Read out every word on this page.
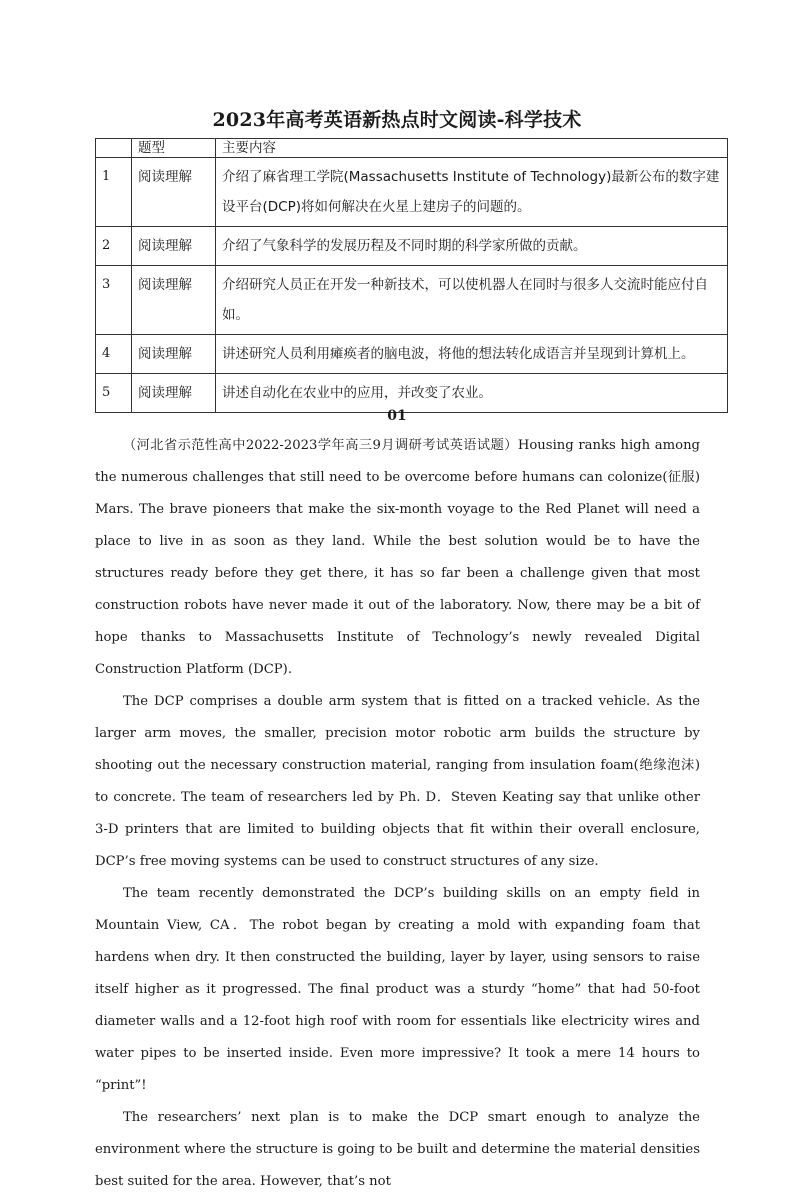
2023年高考英语新热点时文阅读-科学技术
	题型	主要内容
1	阅读理解	介绍了麻省理工学院(Massachusetts Institute of Technology)最新公布的数字建设平台(DCP)将如何解决在火星上建房子的问题的。
2	阅读理解	介绍了气象科学的发展历程及不同时期的科学家所做的贡献。
3	阅读理解	介绍研究人员正在开发一种新技术，可以使机器人在同时与很多人交流时能应付自如。
4	阅读理解	讲述研究人员利用瘫痪者的脑电波，将他的想法转化成语言并呈现到计算机上。
5	阅读理解	讲述自动化在农业中的应用，并改变了农业。
01

（河北省示范性高中2022-2023学年高三9月调研考试英语试题）Housing ranks high among the numerous challenges that still need to be overcome before humans can colonize(征服) Mars. The brave pioneers that make the six-month voyage to the Red Planet will need a place to live in as soon as they land. While the best solution would be to have the structures ready before they get there, it has so far been a challenge given that most construction robots have never made it out of the laboratory. Now, there may be a bit of hope thanks to Massachusetts Institute of Technology’s newly revealed Digital Construction Platform (DCP).

The DCP comprises a double arm system that is fitted on a tracked vehicle. As the larger arm moves, the smaller, precision motor robotic arm builds the structure by shooting out the necessary construction material, ranging from insulation foam(绝缘泡沫) to concrete. The team of researchers led by Ph. D．Steven Keating say that unlike other 3-D printers that are limited to building objects that fit within their overall enclosure, DCP’s free moving systems can be used to construct structures of any size.

The team recently demonstrated the DCP’s building skills on an empty field in Mountain View, CA．The robot began by creating a mold with expanding foam that hardens when dry. It then constructed the building, layer by layer, using sensors to raise itself higher as it progressed. The final product was a sturdy “home” that had 50-foot diameter walls and a 12-foot high roof with room for essentials like electricity wires and water pipes to be inserted inside. Even more impressive? It took a mere 14 hours to “print”!

The researchers’ next plan is to make the DCP smart enough to analyze the environment where the structure is going to be built and determine the material densities best suited for the area. However, that’s not
